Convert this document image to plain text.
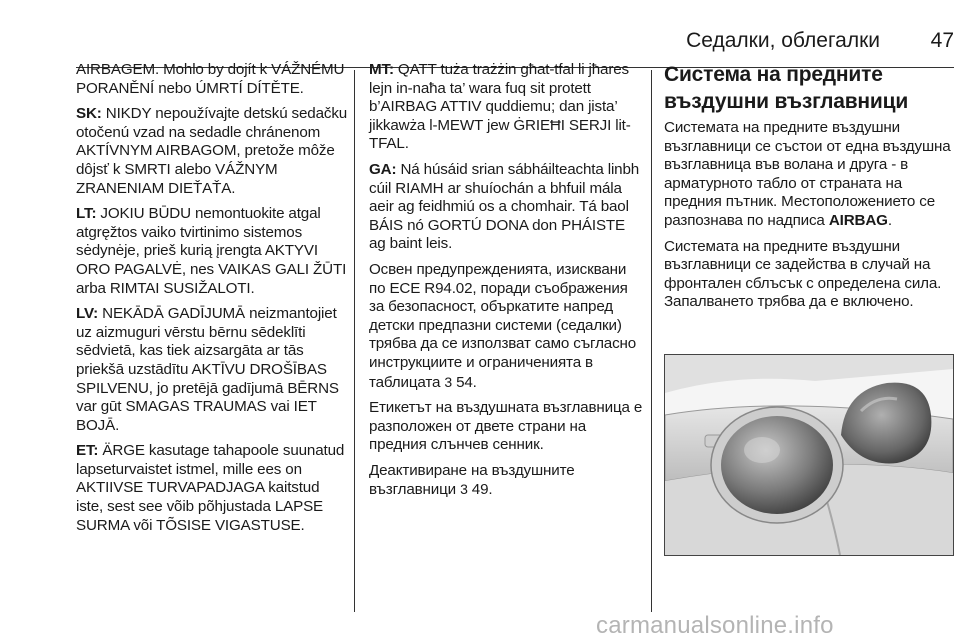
Седалки, облегалки 47

AIRBAGEM. Mohlo by dojít k VÁŽNÉMU PORANĚNÍ nebo ÚMRTÍ DÍTĚTE.

SK: NIKDY nepoužívajte detskú sedačku otočenú vzad na sedadle chránenom AKTÍVNYM AIRBAGOM, pretože môže dôjsť k SMRTI alebo VÁŽNYM ZRANENIAM DIEŤAŤA.

LT: JOKIU BŪDU nemontuokite atgal atgręžtos vaiko tvirtinimo sistemos sėdynėje, prieš kurią įrengta AKTYVI ORO PAGALVĖ, nes VAIKAS GALI ŽŪTI arba RIMTAI SUSIŽALOTI.

LV: NEKĀDĀ GADĪJUMĀ neizmantojiet uz aizmuguri vērstu bērnu sēdeklīti sēdvietā, kas tiek aizsargāta ar tās priekšā uzstādītu AKTĪVU DROŠĪBAS SPILVENU, jo pretējā gadījumā BĒRNS var gūt SMAGAS TRAUMAS vai IET BOJĀ.

ET: ÄRGE kasutage tahapoole suunatud lapseturvaistet istmel, mille ees on AKTIIVSE TURVAPADJAGA kaitstud iste, sest see võib põhjustada LAPSE SURMA või TÕSISE VIGASTUSE.

MT: QATT tuża trażżin għat-tfal li jħares lejn in-naħa ta’ wara fuq sit protett b’AIRBAG ATTIV quddiemu; dan jista’ jikkawża l-MEWT jew ĠRIEĦI SERJI lit-TFAL.

GA: Ná húsáid srian sábháilteachta linbh cúil RIAMH ar shuíochán a bhfuil mála aeir ag feidhmiú os a chomhair. Tá baol BÁIS nó GORTÚ DONA don PHÁISTE ag baint leis.

Освен предупрежденията, изисквани по ECE R94.02, поради съображения за безопасност, объркатите напред детски предпазни системи (седалки) трябва да се използват само съгласно инструкциите и ограниченията в таблицата 3 54.

Етикетът на въздушната възглавница е разположен от двете страни на предния слънчев сенник.

Деактивиране на въздушните възглавници 3 49.

Система на предните въздушни възглавници

Системата на предните въздушни възглавници се състои от една въздушна възглавница във волана и друга - в арматурното табло от страната на предния пътник. Местоположението се разпознава по надписа AIRBAG.

Системата на предните въздушни възглавници се задейства в случай на фронтален сблъсък с определена сила. Запалването трябва да е включено.

carmanualsonline.info
